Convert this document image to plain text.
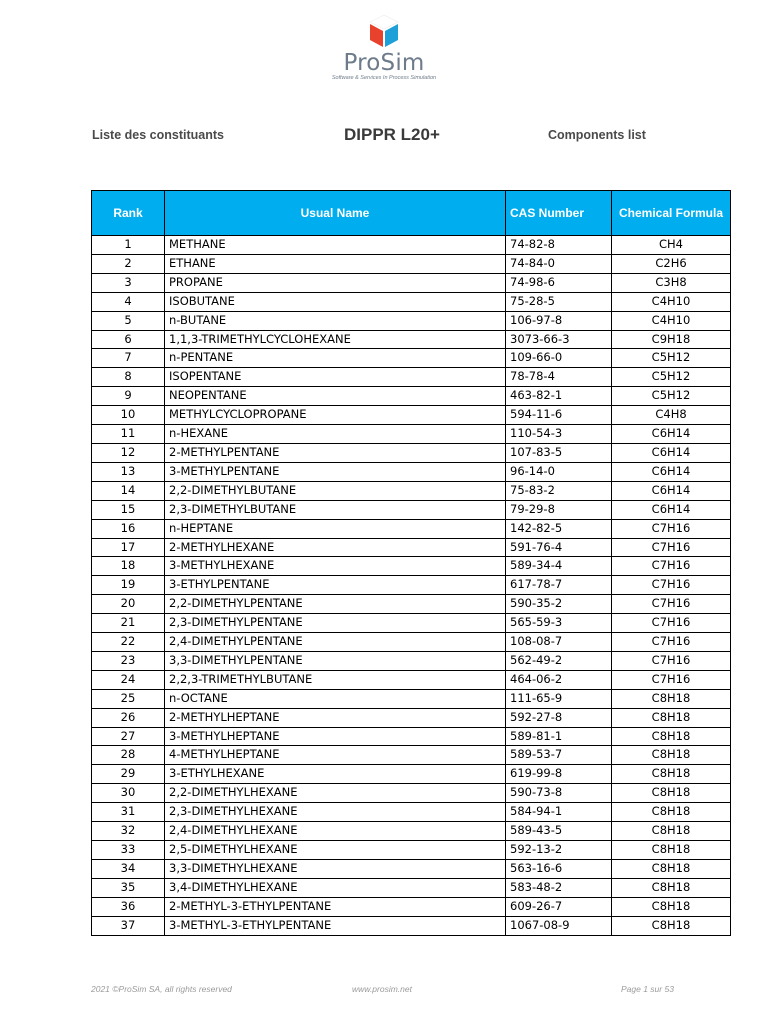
ProSim
Software & Services In Process Simulation
Liste des constituants	DIPPR L20+	Components list
Rank	Usual Name	CAS Number	Chemical Formula
1	METHANE	74-82-8	CH4
2	ETHANE	74-84-0	C2H6
3	PROPANE	74-98-6	C3H8
4	ISOBUTANE	75-28-5	C4H10
5	n-BUTANE	106-97-8	C4H10
6	1,1,3-TRIMETHYLCYCLOHEXANE	3073-66-3	C9H18
7	n-PENTANE	109-66-0	C5H12
8	ISOPENTANE	78-78-4	C5H12
9	NEOPENTANE	463-82-1	C5H12
10	METHYLCYCLOPROPANE	594-11-6	C4H8
11	n-HEXANE	110-54-3	C6H14
12	2-METHYLPENTANE	107-83-5	C6H14
13	3-METHYLPENTANE	96-14-0	C6H14
14	2,2-DIMETHYLBUTANE	75-83-2	C6H14
15	2,3-DIMETHYLBUTANE	79-29-8	C6H14
16	n-HEPTANE	142-82-5	C7H16
17	2-METHYLHEXANE	591-76-4	C7H16
18	3-METHYLHEXANE	589-34-4	C7H16
19	3-ETHYLPENTANE	617-78-7	C7H16
20	2,2-DIMETHYLPENTANE	590-35-2	C7H16
21	2,3-DIMETHYLPENTANE	565-59-3	C7H16
22	2,4-DIMETHYLPENTANE	108-08-7	C7H16
23	3,3-DIMETHYLPENTANE	562-49-2	C7H16
24	2,2,3-TRIMETHYLBUTANE	464-06-2	C7H16
25	n-OCTANE	111-65-9	C8H18
26	2-METHYLHEPTANE	592-27-8	C8H18
27	3-METHYLHEPTANE	589-81-1	C8H18
28	4-METHYLHEPTANE	589-53-7	C8H18
29	3-ETHYLHEXANE	619-99-8	C8H18
30	2,2-DIMETHYLHEXANE	590-73-8	C8H18
31	2,3-DIMETHYLHEXANE	584-94-1	C8H18
32	2,4-DIMETHYLHEXANE	589-43-5	C8H18
33	2,5-DIMETHYLHEXANE	592-13-2	C8H18
34	3,3-DIMETHYLHEXANE	563-16-6	C8H18
35	3,4-DIMETHYLHEXANE	583-48-2	C8H18
36	2-METHYL-3-ETHYLPENTANE	609-26-7	C8H18
37	3-METHYL-3-ETHYLPENTANE	1067-08-9	C8H18
2021 ©ProSim SA, all rights reserved	www.prosim.net	Page 1 sur 53
